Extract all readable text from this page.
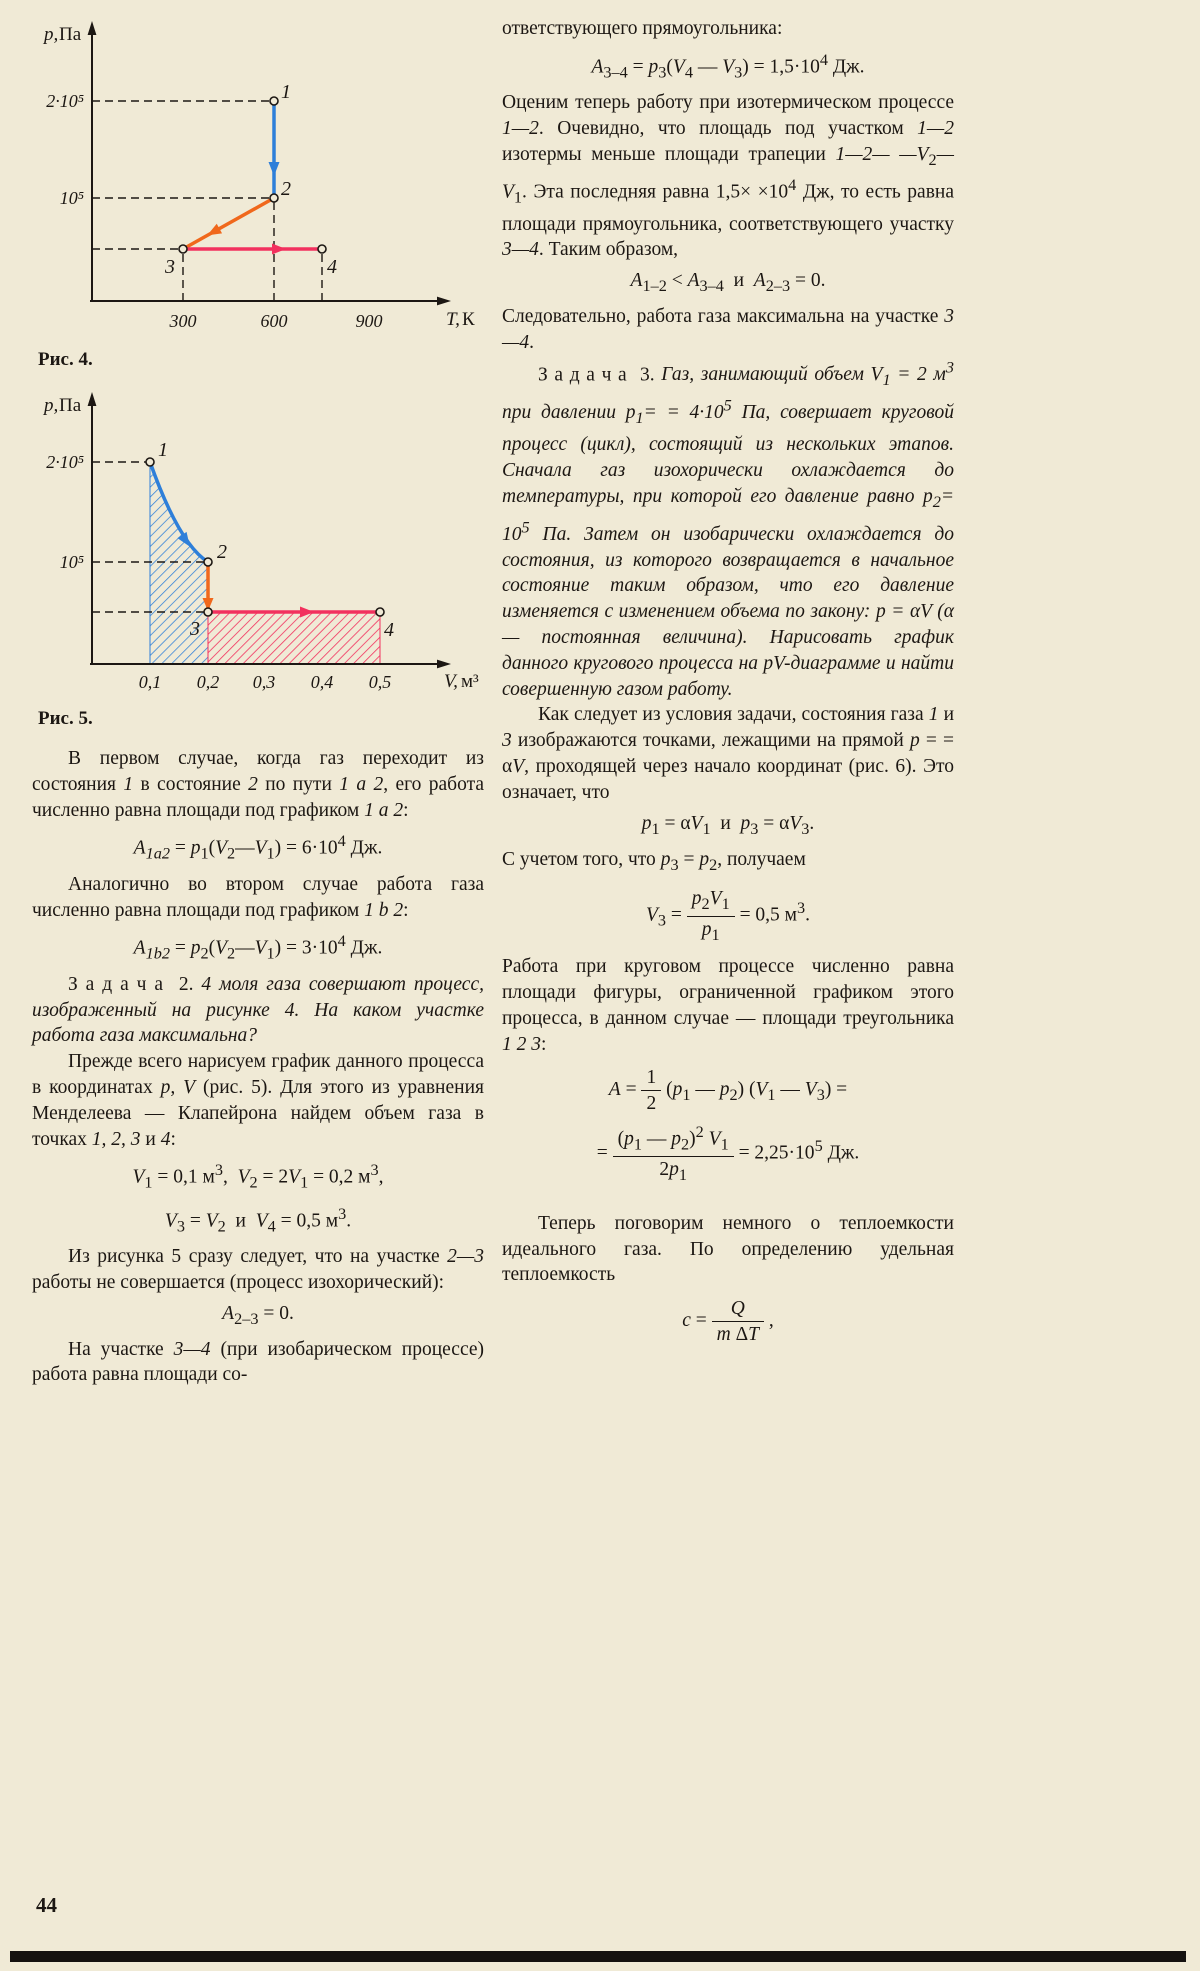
p, Па
2·10⁵
10⁵
300	600	900	T, К
1
2
3	4
Рис. 4.
p, Па
2·10⁵
10⁵
0,1 0,2 0,3 0,4 0,5	V, м³
1
2
3	4
Рис. 5.

В первом случае, когда газ переходит из состояния 1 в состояние 2 по пути 1 а 2, его работа численно равна площади под графиком 1 а 2:

$A_{1a2}$ = $p_1(V_2—V_1) = 6\cdot 10^4$ Дж.

Аналогично во втором случае работа газа численно равна площади под графиком 1 b 2:

$A_{1b2}$ = $p_2(V_2—V_1) = 3\cdot 10^4$ Дж.

З а д а ч а  2. 4 моля газа совершают процесс, изображенный на рисунке 4. На каком участке работа газа максимальна?

Прежде всего нарисуем график данного процесса в координатах p, V (рис. 5). Для этого из уравнения Менделеева — Клапейрона найдем объем газа в точках 1, 2, 3 и 4:

$V_1 = 0,1$ $м^3$,  $V_2 = 2V_1 = 0,2$ $м^3$,
$V_3 = V_2$  и  $V_4 = 0,5$ $м^3$.

Из рисунка 5 сразу следует, что на участке 2—3 работы не совершается (процесс изохорический):

$A_{2-3} = 0$.

На участке 3—4 (при изобарическом процессе) работа равна площади со-

ответствующего прямоугольника:

$A_{3-4} = p_3(V_4$ — $V_3) = 1,5\cdot 10^4$ Дж.

Оценим теперь работу при изотермическом процессе 1—2. Очевидно, что площадь под участком 1—2 изотермы меньше площади трапеции 1—2— $—V_2—V_1$. Эта последняя равна $1,5\times \times 10^4$ Дж, то есть равна площади прямоугольника, соответствующего участку 3—4. Таким образом,

$A_{1-2} < A_{3-4}$  и  $A_{2-3} = 0$.

Следовательно, работа газа максимальна на участке 3—4.

З а д а ч а  3. Газ, занимающий объем $V_1 = 2$ $м^3$ при давлении $p_1= = 4\cdot 10^5$ Па, совершает круговой процесс (цикл), состоящий из нескольких этапов. Сначала газ изохорически охлаждается до температуры, при которой его давление равно $p_2= 10^5$ Па. Затем он изобарически охлаждается до состояния, из которого возвращается в начальное состояние таким образом, что его давление изменяется с изменением объема по закону: p = αV (α — постоянная величина). Нарисовать график данного кругового процесса на pV-диаграмме и найти совершенную газом работу.

Как следует из условия задачи, состояния газа 1 и 3 изображаются точками, лежащими на прямой p = = αV, проходящей через начало координат (рис. 6). Это означает, что

$p_1 = \alpha V_1$  и  $p_3 = \alpha V_3$.

С учетом того, что $p_3 = p_2$, получаем

$V_3 = \frac{p_2V_1}{p_1} = 0,5$ $м^3$.

Работа при круговом процессе численно равна площади фигуры, ограниченной графиком этого процесса, в данном случае — площади треугольника 1 2 3:

$A = \frac{1}{2} (p_1$ — $p_2$) ($V_1$ — $V_3$) =
= $\frac{(p_1 — p_2)^2 V_1}{2p_1} = 2,25\cdot 10^5$ Дж.

Теперь поговорим немного о теплоемкости идеального газа. По определению удельная теплоемкость

$c = \frac{Q}{\text{m ΔT}}$ ,
44
